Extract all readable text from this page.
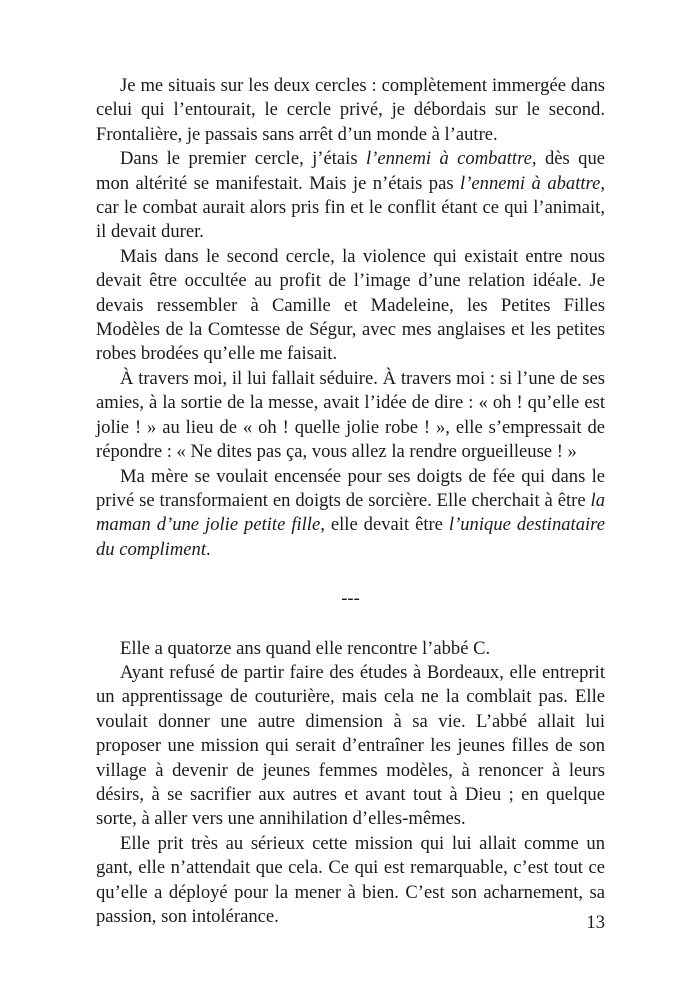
Je me situais sur les deux cercles : complètement immergée dans celui qui l’entourait, le cercle privé, je débordais sur le second. Frontalière, je passais sans arrêt d’un monde à l’autre.

Dans le premier cercle, j’étais l’ennemi à combattre, dès que mon altérité se manifestait. Mais je n’étais pas l’ennemi à abattre, car le combat aurait alors pris fin et le conflit étant ce qui l’animait, il devait durer.

Mais dans le second cercle, la violence qui existait entre nous devait être occultée au profit de l’image d’une relation idéale. Je devais ressembler à Camille et Madeleine, les Petites Filles Modèles de la Comtesse de Ségur, avec mes anglaises et les petites robes brodées qu’elle me faisait.

À travers moi, il lui fallait séduire. À travers moi : si l’une de ses amies, à la sortie de la messe, avait l’idée de dire : « oh ! qu’elle est jolie ! » au lieu de « oh ! quelle jolie robe ! », elle s’empressait de répondre : « Ne dites pas ça, vous allez la rendre orgueilleuse ! »

Ma mère se voulait encensée pour ses doigts de fée qui dans le privé se transformaient en doigts de sorcière. Elle cherchait à être la maman d’une jolie petite fille, elle devait être l’unique destinataire du compliment.

---

Elle a quatorze ans quand elle rencontre l’abbé C.

Ayant refusé de partir faire des études à Bordeaux, elle entreprit un apprentissage de couturière, mais cela ne la comblait pas. Elle voulait donner une autre dimension à sa vie. L’abbé allait lui proposer une mission qui serait d’entraîner les jeunes filles de son village à devenir de jeunes femmes modèles, à renoncer à leurs désirs, à se sacrifier aux autres et avant tout à Dieu ; en quelque sorte, à aller vers une annihilation d’elles-mêmes.

Elle prit très au sérieux cette mission qui lui allait comme un gant, elle n’attendait que cela. Ce qui est remarquable, c’est tout ce qu’elle a déployé pour la mener à bien. C’est son acharnement, sa passion, son intolérance.	13
